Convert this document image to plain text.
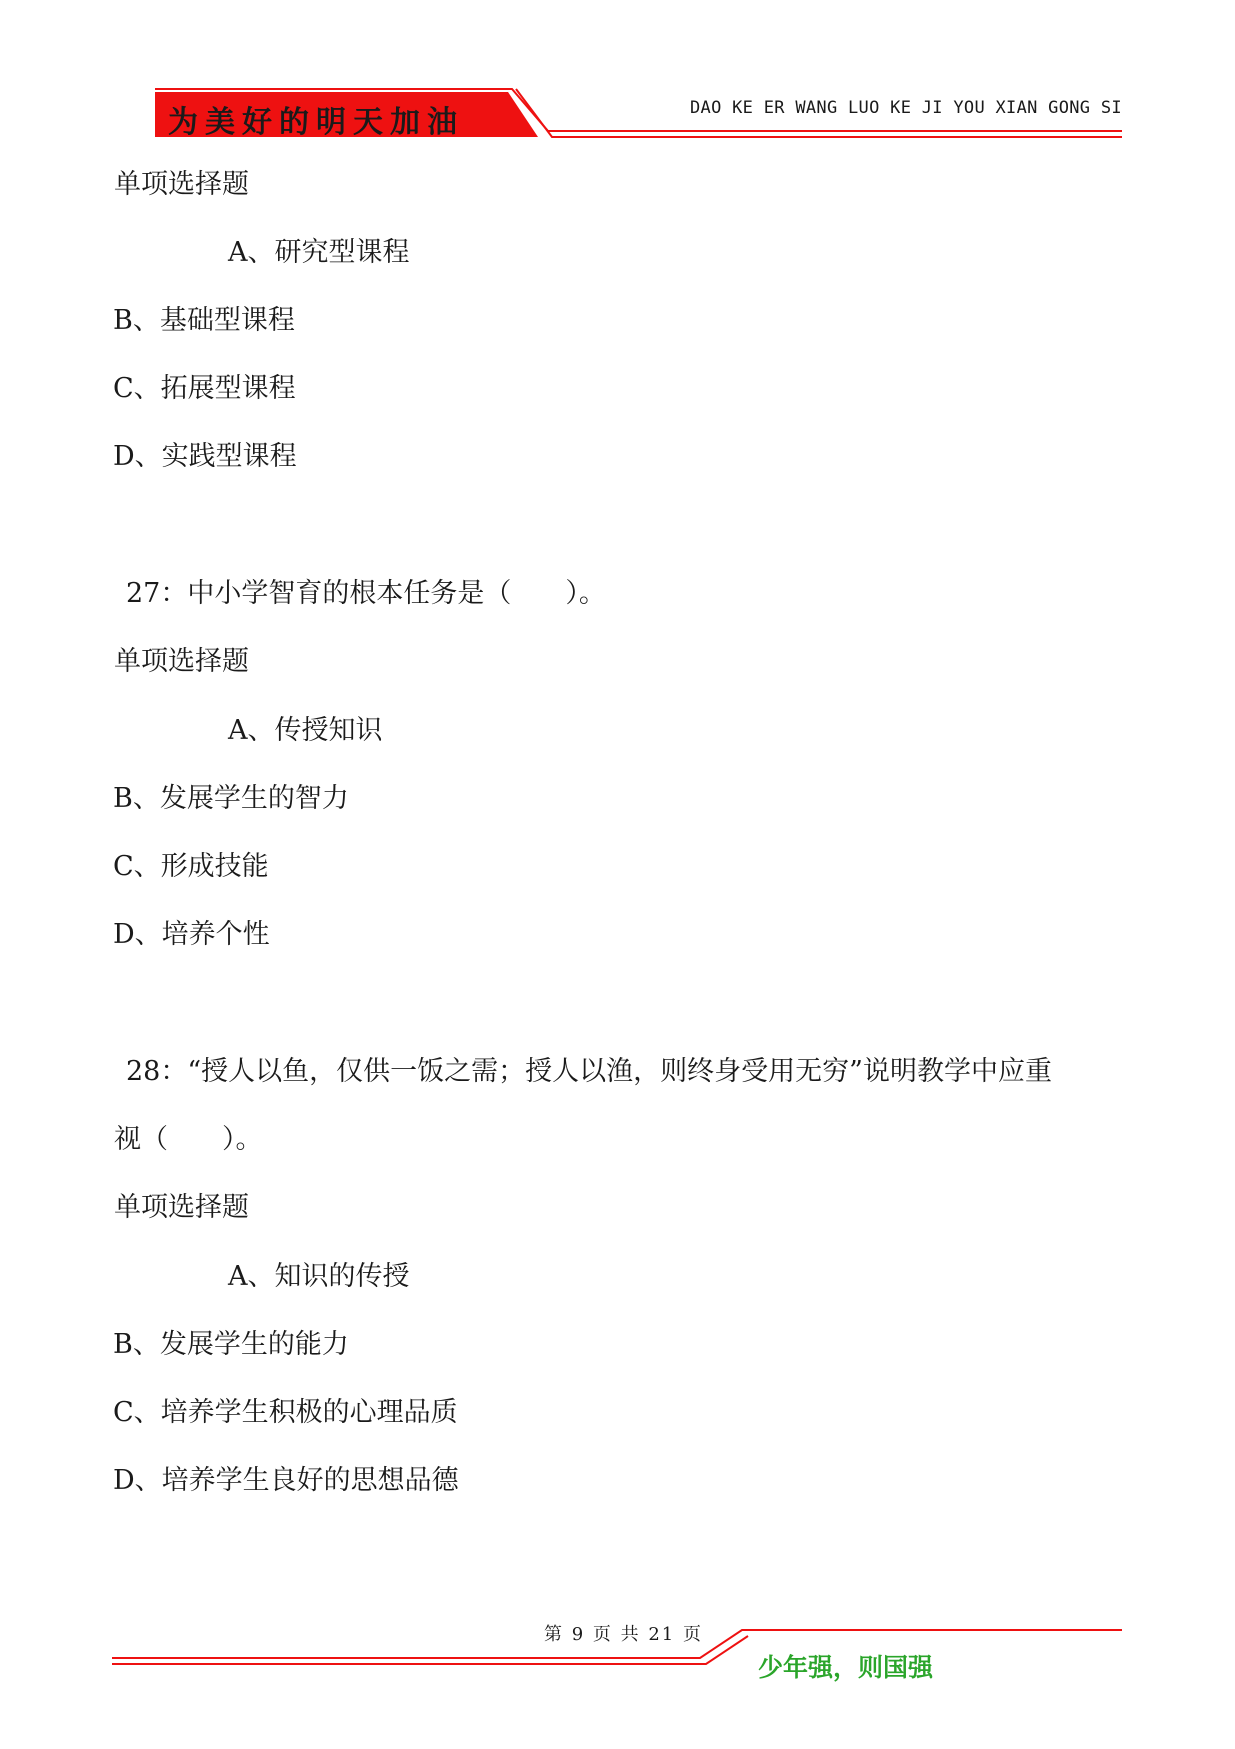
为美好的明天加油	DAO KE ER WANG LUO KE JI YOU XIAN GONG SI
单项选择题
A、研究型课程
B、基础型课程
C、拓展型课程
D、实践型课程
27：中小学智育的根本任务是（　　）。
单项选择题
A、传授知识
B、发展学生的智力
C、形成技能
D、培养个性
28：“授人以鱼，仅供一饭之需；授人以渔，则终身受用无穷”说明教学中应重
视（　　）。
单项选择题
A、知识的传授
B、发展学生的能力
C、培养学生积极的心理品质
D、培养学生良好的思想品德
第 9 页 共 21 页
少年强，则国强
